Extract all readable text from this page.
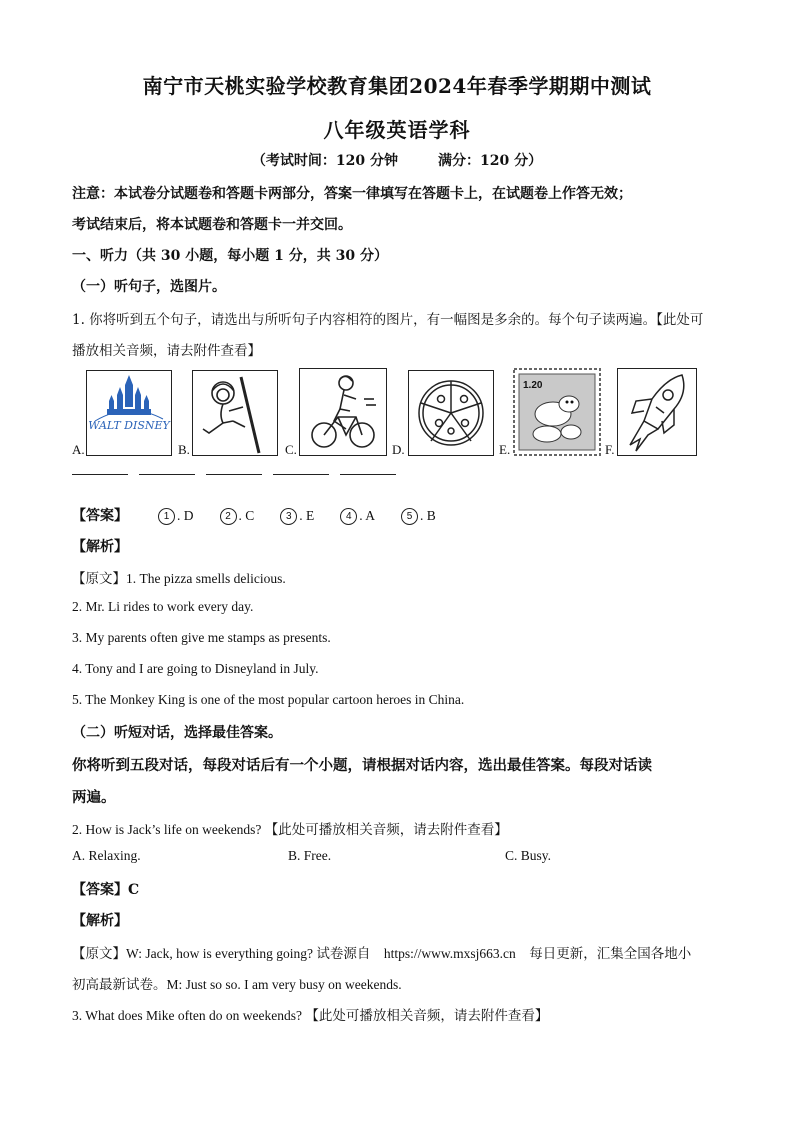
南宁市天桃实验学校教育集团2024年春季学期期中测试
八年级英语学科
（考试时间：120 分钟	满分：120 分）
注意：本试卷分试题卷和答题卡两部分，答案一律填写在答题卡上，在试题卷上作答无效；
考试结束后，将本试题卷和答题卡一并交回。
一、听力（共 30 小题，每小题 1 分，共 30 分）
（一）听句子，选图片。
1. 你将听到五个句子，请选出与所听句子内容相符的图片，有一幅图是多余的。每个句子读两遍。【此处可
播放相关音频，请去附件查看】
A.
WALT DISNEY
B.	C.	D.	E.
1.20
F.
【答案】	1 . D	2 . C	3 . E	4 . A	5 . B
【解析】
【原文】1. The pizza smells delicious.
2. Mr. Li rides to work every day.
3. My parents often give me stamps as presents.
4. Tony and I are going to Disneyland in July.
5. The Monkey King is one of the most popular cartoon heroes in China.
（二）听短对话，选择最佳答案。
你将听到五段对话，每段对话后有一个小题，请根据对话内容，选出最佳答案。每段对话读
两遍。
2. How is Jack’s life on weekends? 【此处可播放相关音频，请去附件查看】
A. Relaxing.	B. Free.	C. Busy.
【答案】C
【解析】
【原文】W: Jack, how is everything going? 试卷源自　https://www.mxsj663.cn　每日更新，汇集全国各地小
初高最新试卷。M: Just so so. I am very busy on weekends.
3. What does Mike often do on weekends? 【此处可播放相关音频，请去附件查看】
